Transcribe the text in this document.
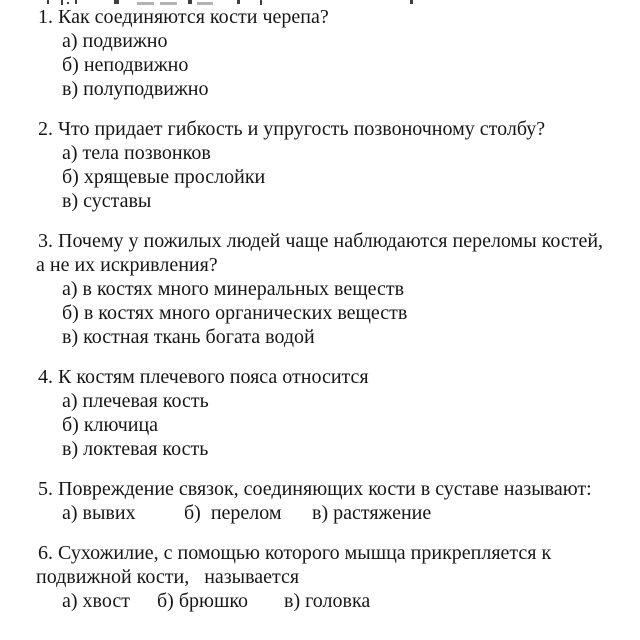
1. Как соединяются кости черепа?
а) подвижно
б) неподвижно
в) полуподвижно
2. Что придает гибкость и упругость позвоночному столбу?
а) тела позвонков
б) хрящевые прослойки
в) суставы
3. Почему у пожилых людей чаще наблюдаются переломы костей,
а не их искривления?
а) в костях много минеральных веществ
б) в костях много органических веществ
в) костная ткань богата водой
4. К костям плечевого пояса относится
а) плечевая кость
б) ключица
в) локтевая кость
5. Повреждение связок, соединяющих кости в суставе называют:
а) вывих б)  перелом в) растяжение
6. Сухожилие, с помощью которого мышца прикрепляется к
подвижной кости,   называется
а) хвост б) брюшко в) головка
